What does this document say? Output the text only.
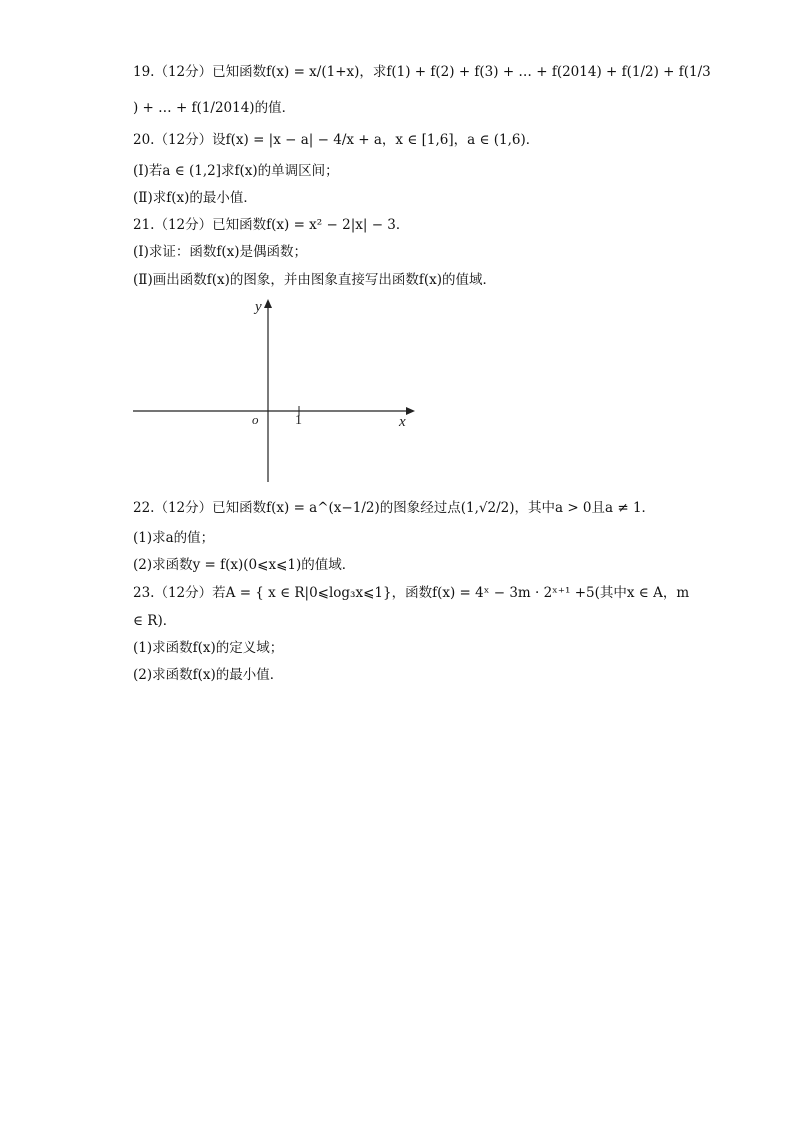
19.（12分）已知函数f(x) = x/(1+x)，求f(1) + f(2) + f(3) + … + f(2014) + f(1/2) + f(1/3
) + … + f(1/2014)的值．
20.（12分）设f(x) = |x − a| − 4/x + a，x ∈ [1,6]，a ∈ (1,6)．
(Ⅰ)若a ∈ (1,2]求f(x)的单调区间；
(Ⅱ)求f(x)的最小值．
21.（12分）已知函数f(x) = x² − 2|x| − 3．
(Ⅰ)求证：函数f(x)是偶函数；
(Ⅱ)画出函数f(x)的图象，并由图象直接写出函数f(x)的值域．
y
x
o	1
22.（12分）已知函数f(x) = a^(x−1/2)的图象经过点(1,√2/2)，其中a > 0且a ≠ 1．
(1)求a的值；
(2)求函数y = f(x)(0⩽x⩽1)的值域．
23.（12分）若A = { x ∈ R|0⩽log₃x⩽1}，函数f(x) = 4ˣ − 3m · 2ˣ⁺¹ +5(其中x ∈ A，m
∈ R)．
(1)求函数f(x)的定义域；
(2)求函数f(x)的最小值．
